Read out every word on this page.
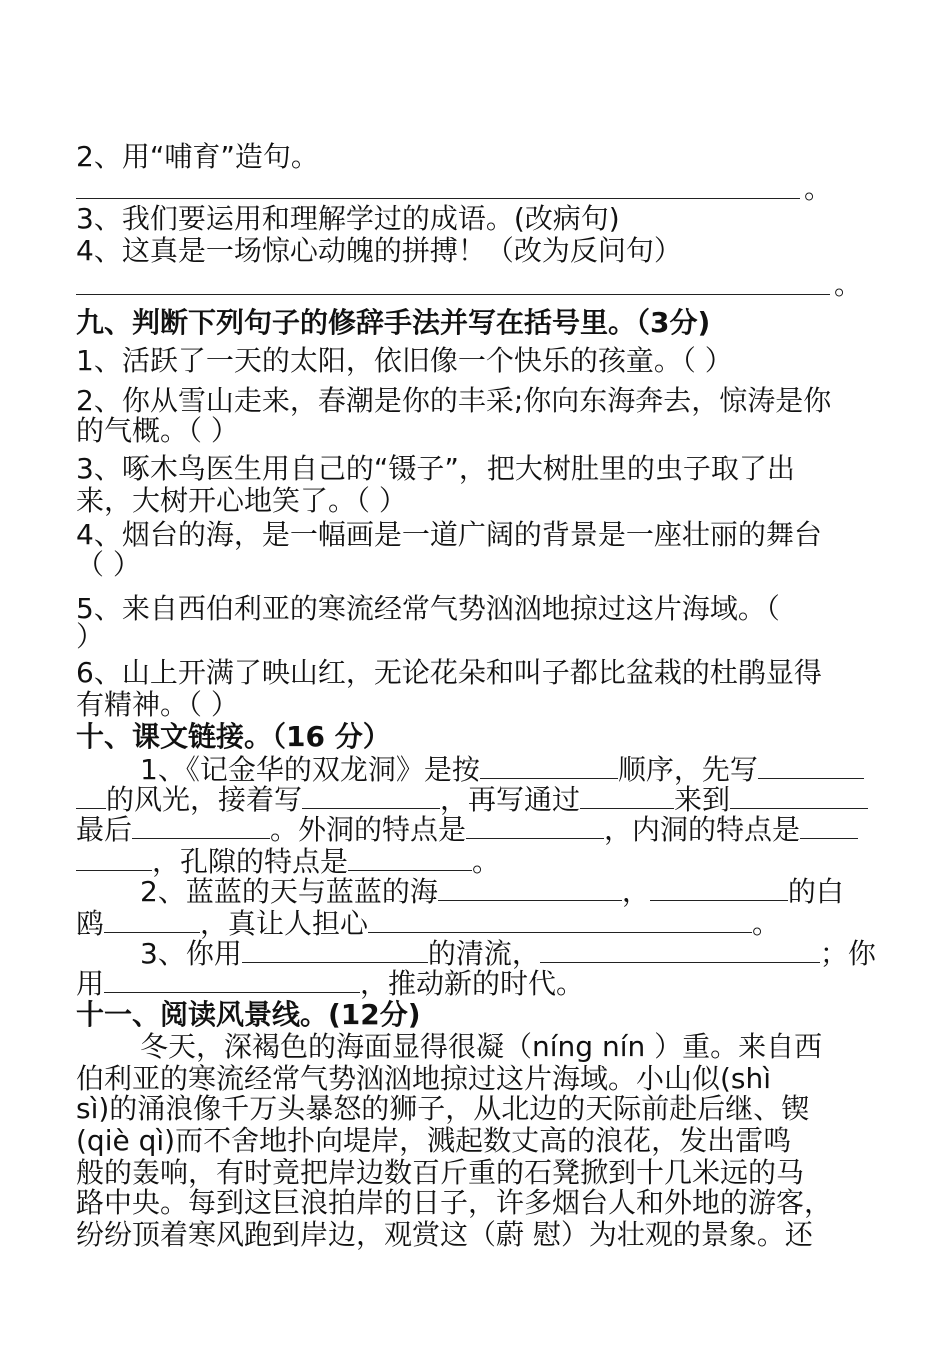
2、用“哺育”造句。
。
3、我们要运用和理解学过的成语。(改病句)
4、这真是一场惊心动魄的拼搏！（改为反问句）
。
九、判断下列句子的修辞手法并写在括号里。（3分)
1、活跃了一天的太阳，依旧像一个快乐的孩童。（ ）
2、你从雪山走来，春潮是你的丰采;你向东海奔去，惊涛是你
的气概。（ ）
3、啄木鸟医生用自己的“镊子”，把大树肚里的虫子取了出
来，大树开心地笑了。（ ）
4、烟台的海，是一幅画是一道广阔的背景是一座壮丽的舞台
（ ）
5、来自西伯利亚的寒流经常气势汹汹地掠过这片海域。（
）
6、山上开满了映山红，无论花朵和叫子都比盆栽的杜鹃显得
有精神。（ ）
十、课文链接。（16 分）
1、《记金华的双龙洞》是按	顺序，先写
的风光，接着写	，再写通过	来到
最后	。外洞的特点是	，内洞的特点是
，孔隙的特点是	。
2、蓝蓝的天与蓝蓝的海	，	的白
鸥	，真让人担心	。
3、你用	的清流，	；你
用	，推动新的时代。
十一、阅读风景线。(12分)
冬天，深褐色的海面显得很凝（níng nín ）重。来自西
伯利亚的寒流经常气势汹汹地掠过这片海域。小山似(shì
sì)的涌浪像千万头暴怒的狮子，从北边的天际前赴后继、锲
(qiè qì)而不舍地扑向堤岸，溅起数丈高的浪花，发出雷鸣
般的轰响，有时竟把岸边数百斤重的石凳掀到十几米远的马
路中央。每到这巨浪拍岸的日子，许多烟台人和外地的游客，
纷纷顶着寒风跑到岸边，观赏这（蔚 慰）为壮观的景象。还
